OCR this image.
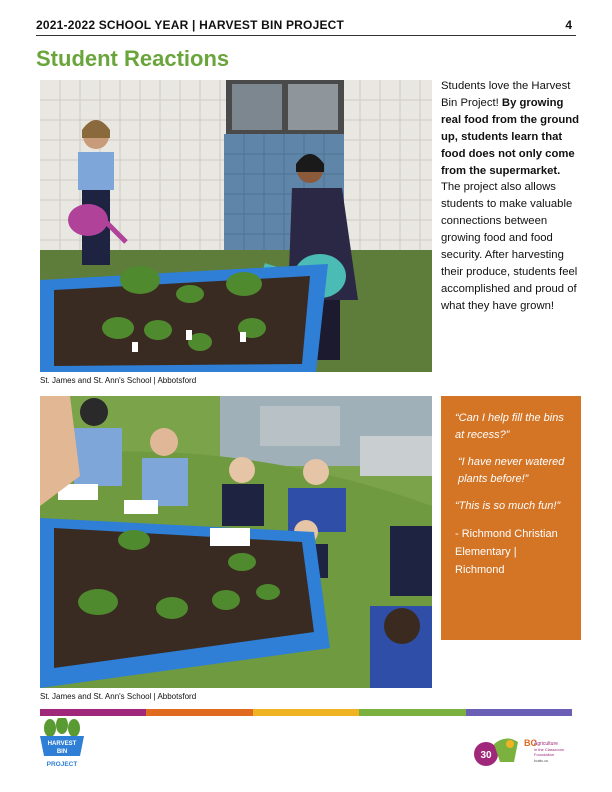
2021-2022 SCHOOL YEAR | HARVEST BIN PROJECT	4
Student Reactions
St. James and St. Ann's School | Abbotsford
Students love the Harvest Bin Project! By growing real food from the ground up, students learn that food does not only come from the supermarket. The project also allows students to make valuable connections between growing food and food security. After harvesting their produce, students feel accomplished and proud of what they have grown!
St. James and St. Ann's School | Abbotsford

“Can I help fill the bins at recess?”

“I have never watered plants before!”

“This is so much fun!”

- Richmond Christian Elementary | Richmond

HARVEST
BIN
PROJECT
30
BC
Agriculture
in the Classroom
Foundation
bcaitc.ca
